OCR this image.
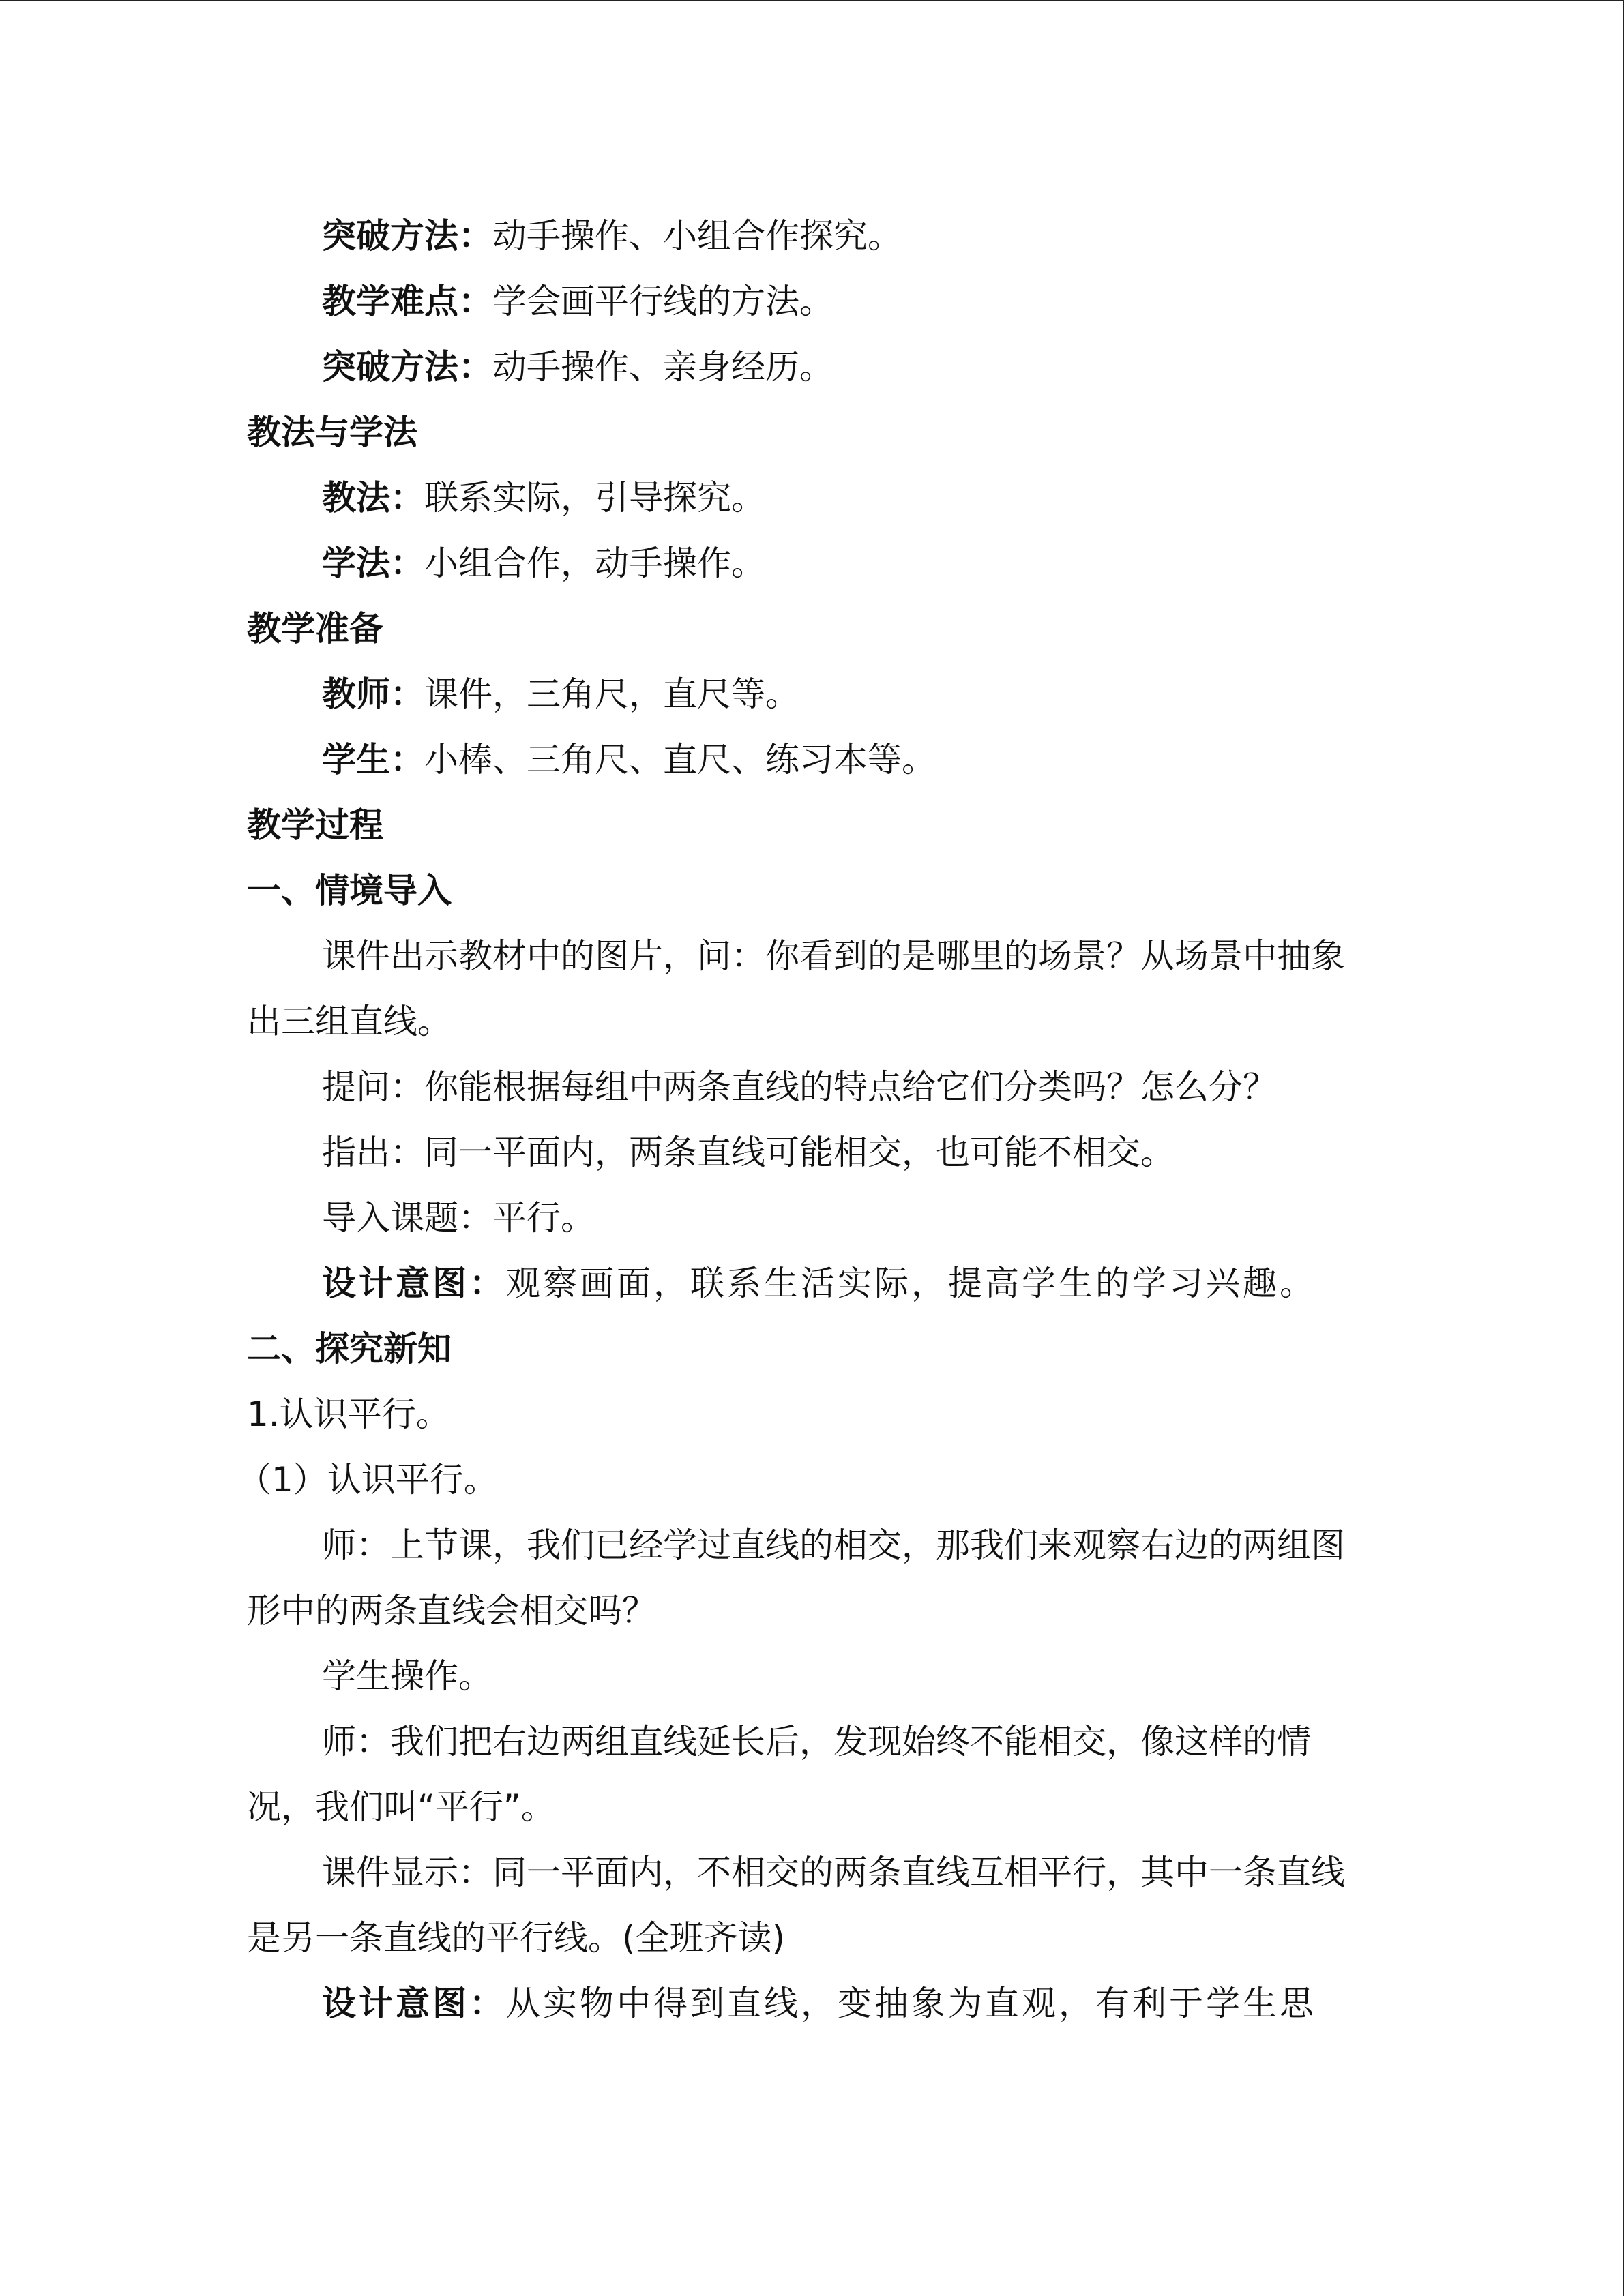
突破方法：动手操作、小组合作探究。

教学难点：学会画平行线的方法。

突破方法：动手操作、亲身经历。

教法与学法

教法：联系实际，引导探究。

学法：小组合作，动手操作。

教学准备

教师：课件，三角尺，直尺等。

学生：小棒、三角尺、直尺、练习本等。

教学过程

一、情境导入

课件出示教材中的图片，问：你看到的是哪里的场景？从场景中抽象出三组直线。

提问：你能根据每组中两条直线的特点给它们分类吗？怎么分？

指出：同一平面内，两条直线可能相交，也可能不相交。

导入课题：平行。

设计意图：观察画面，联系生活实际，提高学生的学习兴趣。

二、探究新知

1.认识平行。

（1）认识平行。

师：上节课，我们已经学过直线的相交，那我们来观察右边的两组图形中的两条直线会相交吗？

学生操作。

师：我们把右边两组直线延长后，发现始终不能相交，像这样的情况，我们叫“平行”。

课件显示：同一平面内，不相交的两条直线互相平行，其中一条直线是另一条直线的平行线。(全班齐读)

设计意图：从实物中得到直线，变抽象为直观，有利于学生思
